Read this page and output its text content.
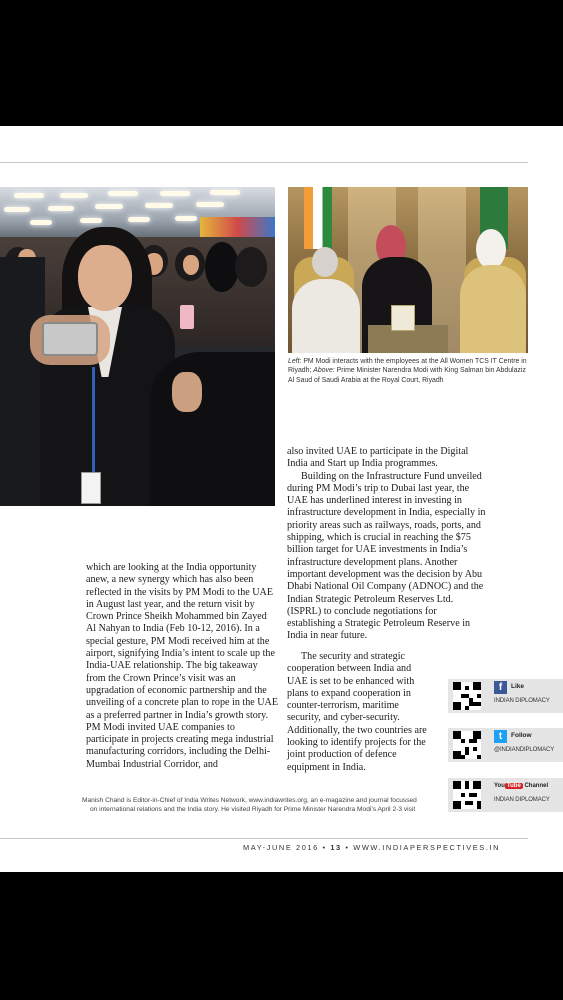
Left: PM Modi interacts with the employees at the All Women TCS IT Centre in Riyadh; Above: Prime Minister Narendra Modi with King Salman bin Abdulaziz Al Saud of Saudi Arabia at the Royal Court, Riyadh

also invited UAE to participate in the Digital India and Start up India programmes.

Building on the Infrastructure Fund unveiled during PM Modi’s trip to Dubai last year, the UAE has underlined interest in investing in infrastructure development in India, especially in priority areas such as railways, roads, ports, and shipping, which is crucial in reaching the $75 billion target for UAE investments in India’s infrastructure development plans. Another important development was the decision by Abu Dhabi National Oil Company (ADNOC) and the Indian Strategic Petroleum Reserves Ltd. (ISPRL) to conclude negotiations for establishing a Strategic Petroleum Reserve in India in near future.

The security and strategic cooperation between India and UAE is set to be enhanced with plans to expand cooperation in counter-terrorism, maritime security, and cyber-security. Additionally, the two countries are looking to identify projects for the joint production of defence equipment in India.

which are looking at the India opportunity anew, a new synergy which has also been reflected in the visits by PM Modi to the UAE in August last year, and the return visit by Crown Prince Sheikh Mohammed bin Zayed Al Nahyan to India (Feb 10-12, 2016). In a special gesture, PM Modi received him at the airport, signifying India’s intent to scale up the India-UAE relationship. The big takeaway from the Crown Prince’s visit was an upgradation of economic partnership and the unveiling of a concrete plan to rope in the UAE as a preferred partner in India’s growth story. PM Modi invited UAE companies to participate in projects creating mega industrial manufacturing corridors, including the Delhi-Mumbai Industrial Corridor, and

f	Like
INDIAN DIPLOMACY
t	Follow
@INDIANDIPLOMACY
You Tube Channel
INDIAN DIPLOMACY
Manish Chand is Editor-in-Chief of India Writes Network, www.indiawrites.org, an e-magazine and journal focussed
on international relations and the India story. He visited Riyadh for Prime Minister Narendra Modi’s April 2-3 visit
MAY-JUNE 2016 • 13 • WWW.INDIAPERSPECTIVES.IN
